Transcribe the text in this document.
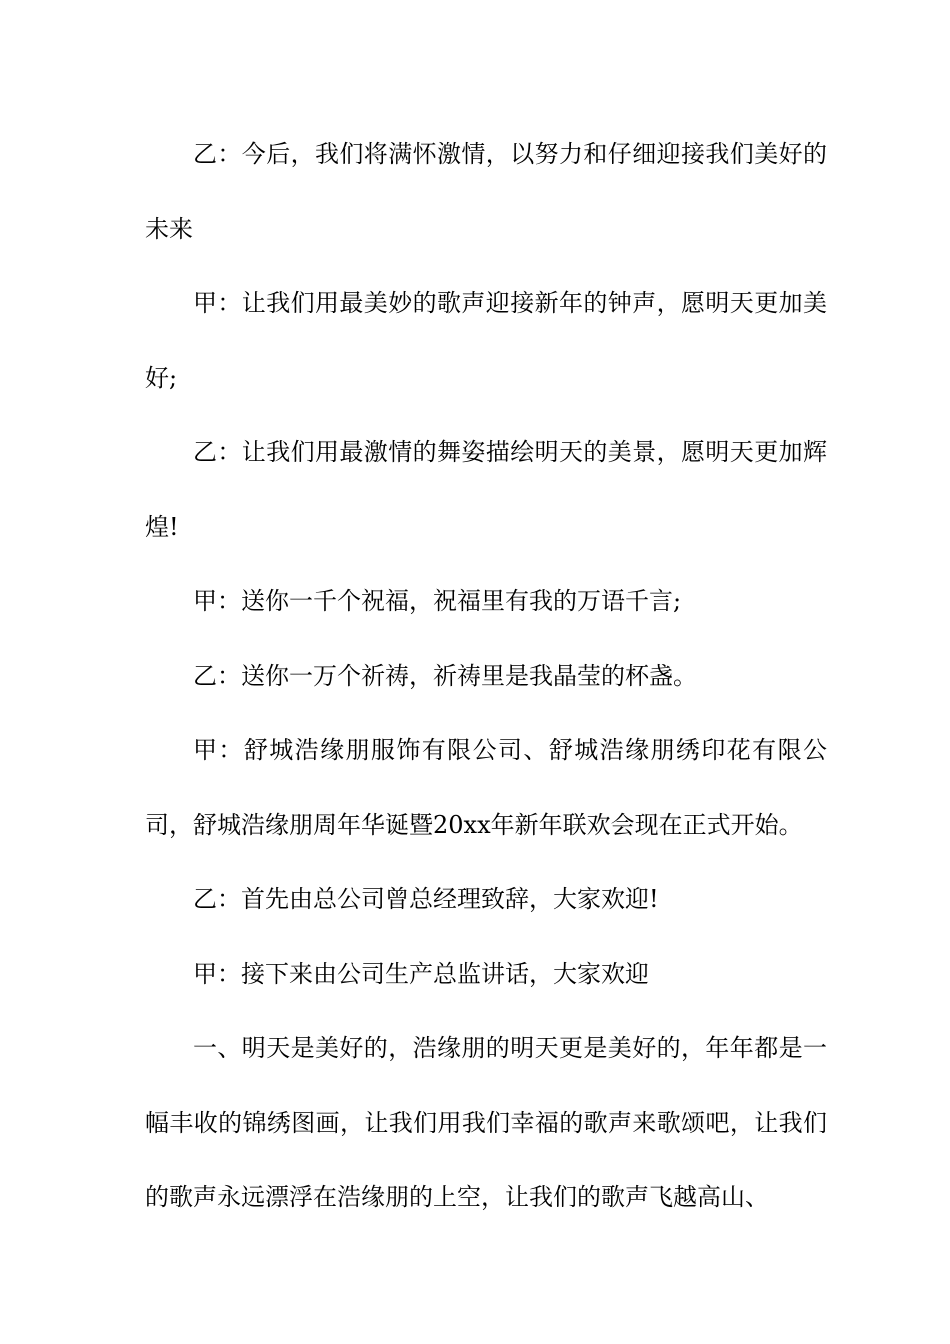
乙：今后，我们将满怀激情，以努力和仔细迎接我们美好的未来

甲：让我们用最美妙的歌声迎接新年的钟声，愿明天更加美好;

乙：让我们用最激情的舞姿描绘明天的美景，愿明天更加辉煌!

甲：送你一千个祝福，祝福里有我的万语千言;

乙：送你一万个祈祷，祈祷里是我晶莹的杯盏。

甲：舒城浩缘朋服饰有限公司、舒城浩缘朋绣印花有限公司，舒城浩缘朋周年华诞暨20xx年新年联欢会现在正式开始。

乙：首先由总公司曾总经理致辞，大家欢迎!

甲：接下来由公司生产总监讲话，大家欢迎

一、明天是美好的，浩缘朋的明天更是美好的，年年都是一幅丰收的锦绣图画，让我们用我们幸福的歌声来歌颂吧，让我们的歌声永远漂浮在浩缘朋的上空，让我们的歌声飞越高山、
